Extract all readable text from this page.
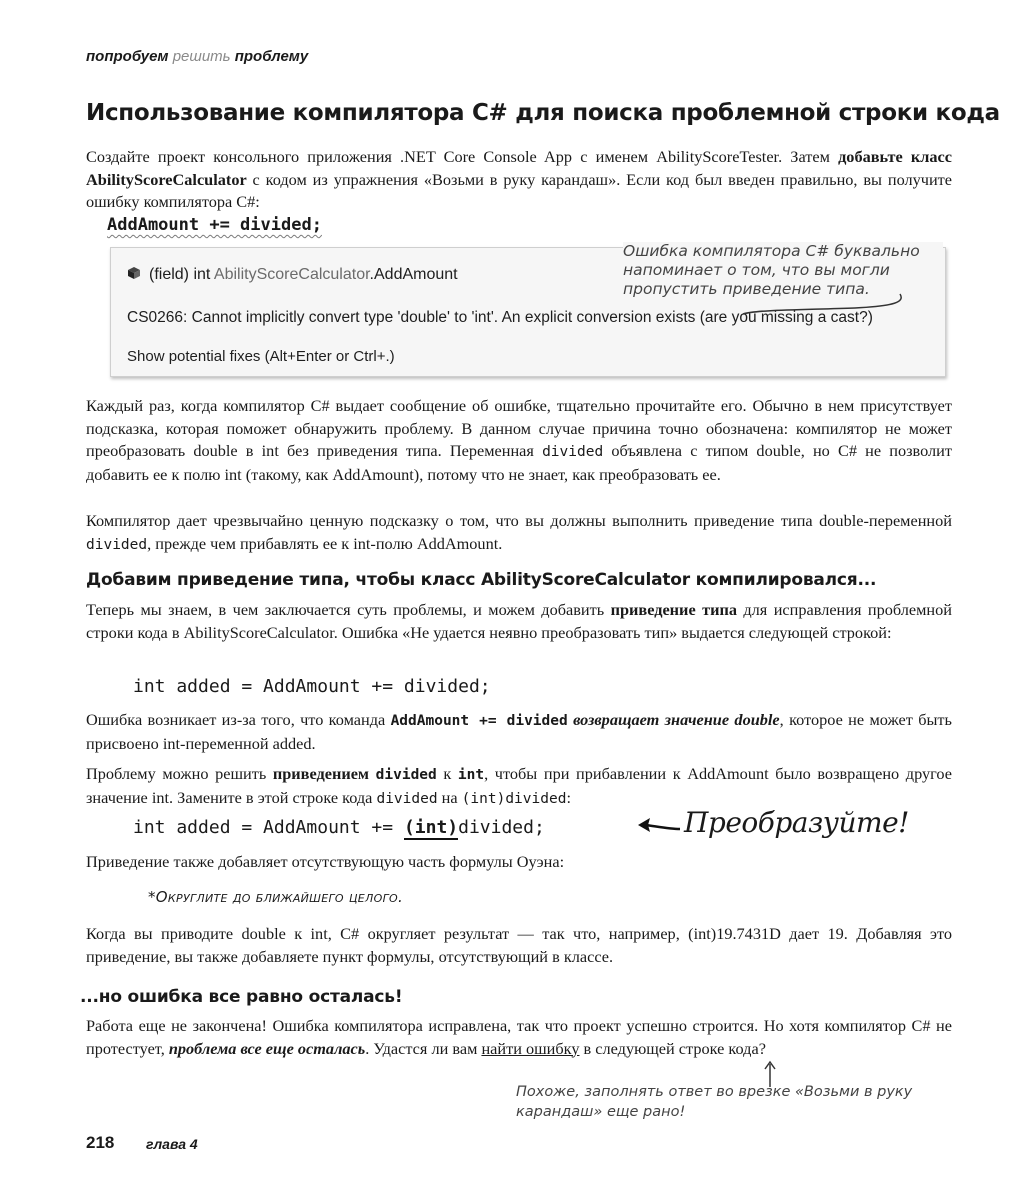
попробуем решить проблему
Использование компилятора C# для поиска проблемной строки кода
Создайте проект консольного приложения .NET Core Console App с именем AbilityScoreTester. Затем добавьте класс AbilityScoreCalculator с кодом из упражнения «Возьми в руку карандаш». Если код был введен правильно, вы получите ошибку компилятора C#:
AddAmount += divided;
(field) int AbilityScoreCalculator.AddAmount
CS0266: Cannot implicitly convert type 'double' to 'int'. An explicit conversion exists (are you missing a cast?)
Show potential fixes (Alt+Enter or Ctrl+.)
Ошибка компилятора C# буквально напоминает о том, что вы могли пропустить приведение типа.
Каждый раз, когда компилятор C# выдает сообщение об ошибке, тщательно прочитайте его. Обычно в нем присутствует подсказка, которая поможет обнаружить проблему. В данном случае причина точно обозначена: компилятор не может преобразовать double в int без приведения типа. Переменная divided объявлена с типом double, но C# не позволит добавить ее к полю int (такому, как AddAmount), потому что не знает, как преобразовать ее.
Компилятор дает чрезвычайно ценную подсказку о том, что вы должны выполнить приведение типа double-переменной divided, прежде чем прибавлять ее к int-полю AddAmount.
Добавим приведение типа, чтобы класс AbilityScoreCalculator компилировался...
Теперь мы знаем, в чем заключается суть проблемы, и можем добавить приведение типа для исправления проблемной строки кода в AbilityScoreCalculator. Ошибка «Не удается неявно преобразовать тип» выдается следующей строкой:
int added = AddAmount += divided;
Ошибка возникает из-за того, что команда AddAmount += divided возвращает значение double, которое не может быть присвоено int-переменной added.
Проблему можно решить приведением divided к int, чтобы при прибавлении к AddAmount было возвращено другое значение int. Замените в этой строке кода divided на (int)divided:
int added = AddAmount += (int)divided;	Преобразуйте!
Приведение также добавляет отсутствующую часть формулы Оуэна:
*Округлите до ближайшего целого.
Когда вы приводите double к int, C# округляет результат — так что, например, (int)19.7431D дает 19. Добавляя это приведение, вы также добавляете пункт формулы, отсутствующий в классе.
...но ошибка все равно осталась!
Работа еще не закончена! Ошибка компилятора исправлена, так что проект успешно строится. Но хотя компилятор C# не протестует, проблема все еще осталась. Удастся ли вам найти ошибку в следующей строке кода?
Похоже, заполнять ответ во врезке «Возьми в руку карандаш» еще рано!
218 глава 4
